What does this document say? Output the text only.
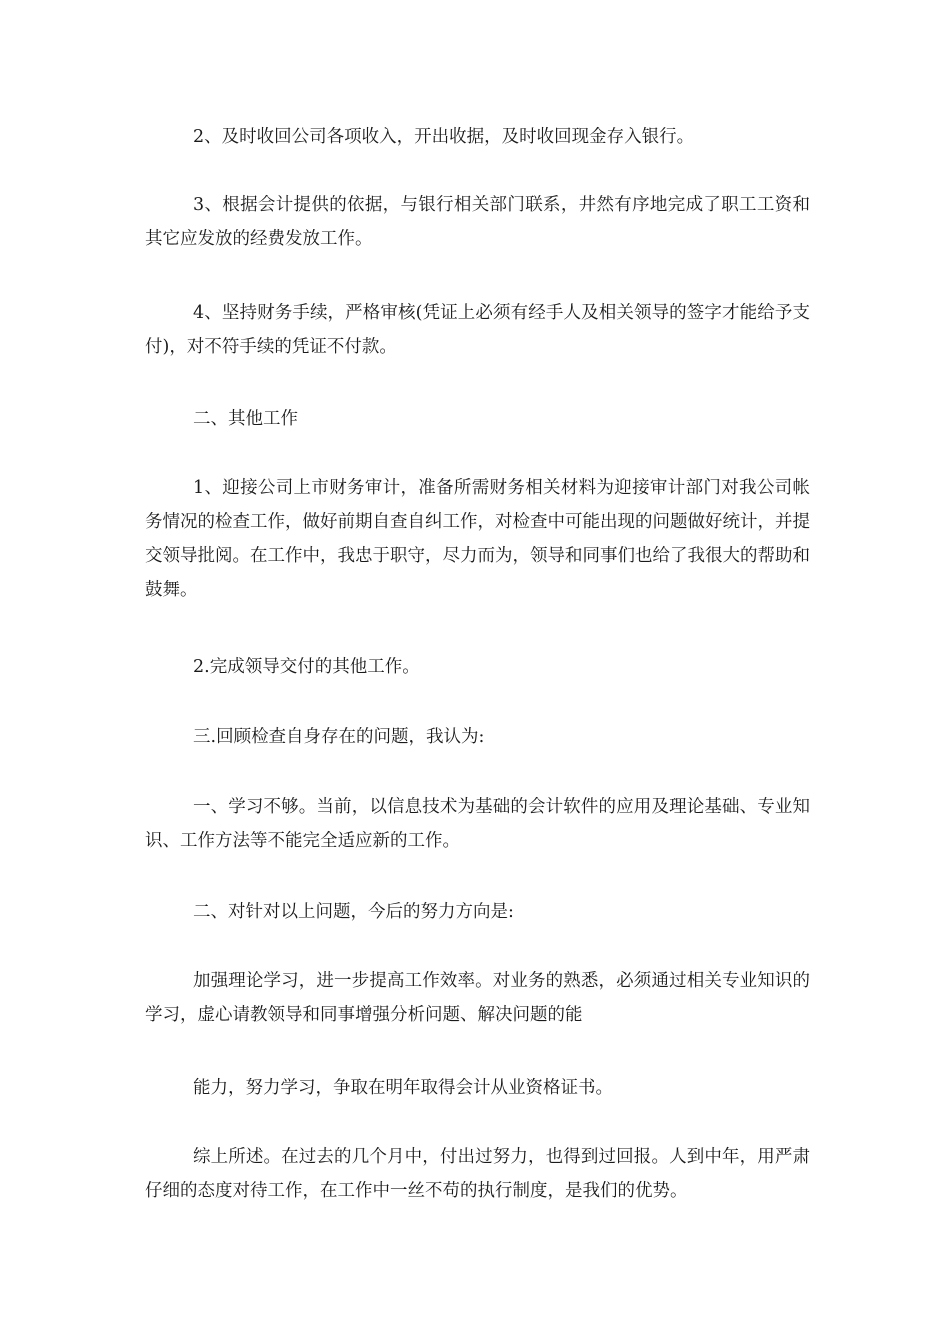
2、及时收回公司各项收入，开出收据，及时收回现金存入银行。

3、根据会计提供的依据，与银行相关部门联系，井然有序地完成了职工工资和其它应发放的经费发放工作。

4、坚持财务手续，严格审核(凭证上必须有经手人及相关领导的签字才能给予支付)，对不符手续的凭证不付款。

二、其他工作

1、迎接公司上市财务审计，准备所需财务相关材料为迎接审计部门对我公司帐务情况的检查工作，做好前期自查自纠工作，对检查中可能出现的问题做好统计，并提交领导批阅。在工作中，我忠于职守，尽力而为，领导和同事们也给了我很大的帮助和鼓舞。

2.完成领导交付的其他工作。

三.回顾检查自身存在的问题，我认为:

一、学习不够。当前，以信息技术为基础的会计软件的应用及理论基础、专业知识、工作方法等不能完全适应新的工作。

二、对针对以上问题，今后的努力方向是:

加强理论学习，进一步提高工作效率。对业务的熟悉，必须通过相关专业知识的学习，虚心请教领导和同事增强分析问题、解决问题的能

能力，努力学习，争取在明年取得会计从业资格证书。

综上所述。在过去的几个月中，付出过努力，也得到过回报。人到中年，用严肃仔细的态度对待工作，在工作中一丝不苟的执行制度，是我们的优势。
